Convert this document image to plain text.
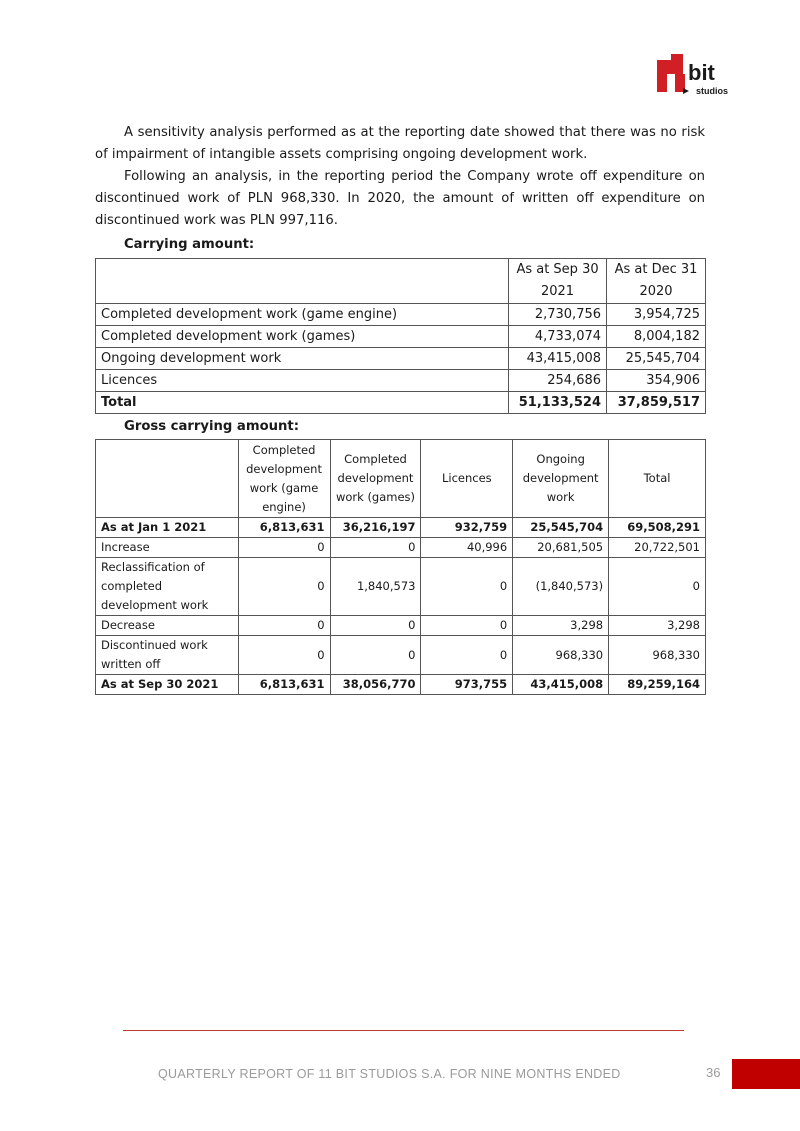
bit
studios

A sensitivity analysis performed as at the reporting date showed that there was no risk of impairment of intangible assets comprising ongoing development work.

Following an analysis, in the reporting period the Company wrote off expenditure on discontinued work of PLN 968,330. In 2020, the amount of written off expenditure on discontinued work was PLN 997,116.

Carrying amount:

	As at Sep 30 2021	As at Dec 31 2020
Completed development work (game engine)	2,730,756	3,954,725
Completed development work (games)	4,733,074	8,004,182
Ongoing development work	43,415,008	25,545,704
Licences	254,686	354,906
Total	51,133,524	37,859,517

Gross carrying amount:

	Completed development work (game engine)	Completed development work (games)	Licences	Ongoing development work	Total
As at Jan 1 2021	6,813,631	36,216,197	932,759	25,545,704	69,508,291
Increase	0	0	40,996	20,681,505	20,722,501
Reclassification of completed development work	0	1,840,573	0	(1,840,573)	0
Decrease	0	0	0	3,298	3,298
Discontinued work written off	0	0	0	968,330	968,330
As at Sep 30 2021	6,813,631	38,056,770	973,755	43,415,008	89,259,164
QUARTERLY REPORT OF 11 BIT STUDIOS S.A. FOR NINE MONTHS ENDED	36
